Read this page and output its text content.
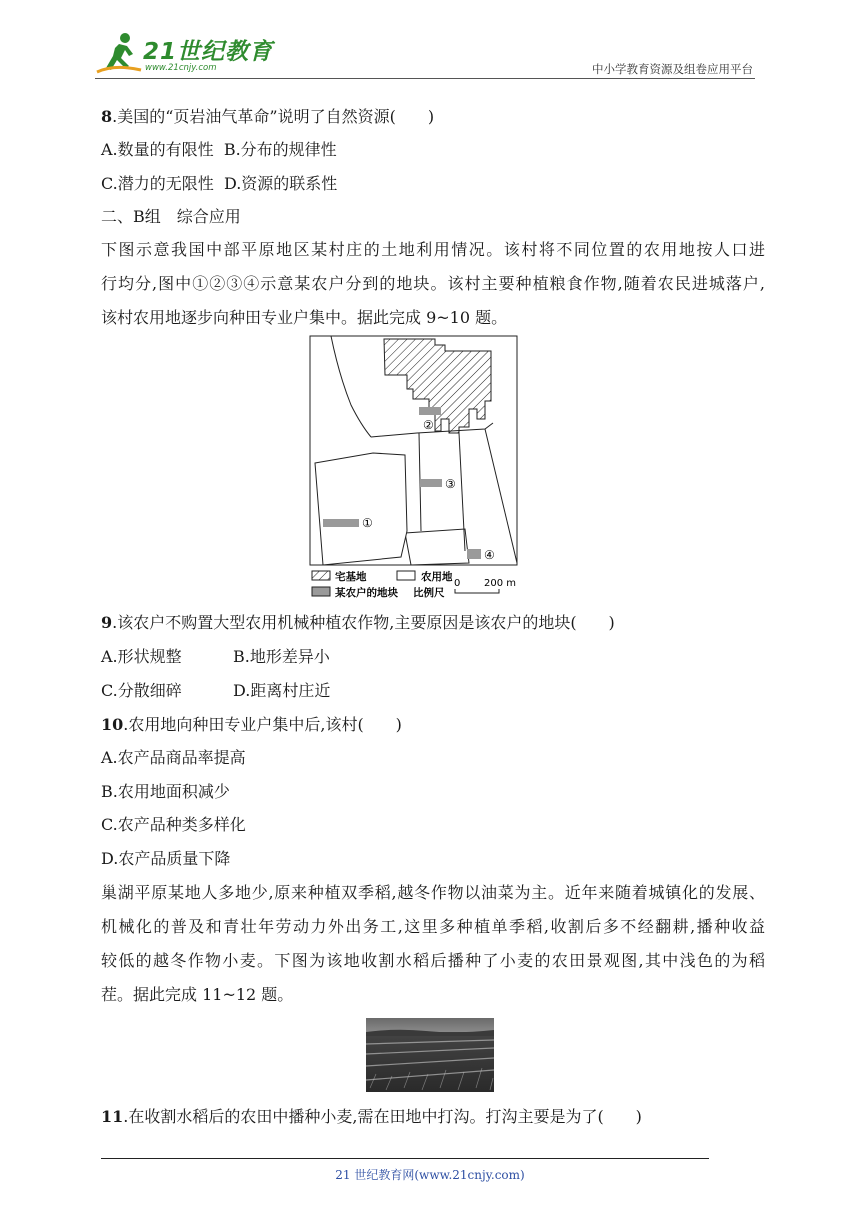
21世纪教育
www.21cnjy.com	中小学教育资源及组卷应用平台
8.美国的“页岩油气革命”说明了自然资源(　　)
A.数量的有限性 B.分布的规律性
C.潜力的无限性 D.资源的联系性
二、B组　综合应用
下图示意我国中部平原地区某村庄的土地利用情况。该村将不同位置的农用地按人口进
行均分,图中①②③④示意某农户分到的地块。该村主要种植粮食作物,随着农民进城落户,
该村农用地逐步向种田专业户集中。据此完成 9~10 题。
②
③
①
④
宅基地	农用地
某农户的地块 比例尺
0 200 m
9.该农户不购置大型农用机械种植农作物,主要原因是该农户的地块(　　)
A.形状规整	B.地形差异小
C.分散细碎	D.距离村庄近
10.农用地向种田专业户集中后,该村(　　)
A.农产品商品率提高
B.农用地面积减少
C.农产品种类多样化
D.农产品质量下降
巢湖平原某地人多地少,原来种植双季稻,越冬作物以油菜为主。近年来随着城镇化的发展、
机械化的普及和青壮年劳动力外出务工,这里多种植单季稻,收割后多不经翻耕,播种收益
较低的越冬作物小麦。下图为该地收割水稻后播种了小麦的农田景观图,其中浅色的为稻
茬。据此完成 11~12 题。
11.在收割水稻后的农田中播种小麦,需在田地中打沟。打沟主要是为了(　　)
21 世纪教育网(www.21cnjy.com)
